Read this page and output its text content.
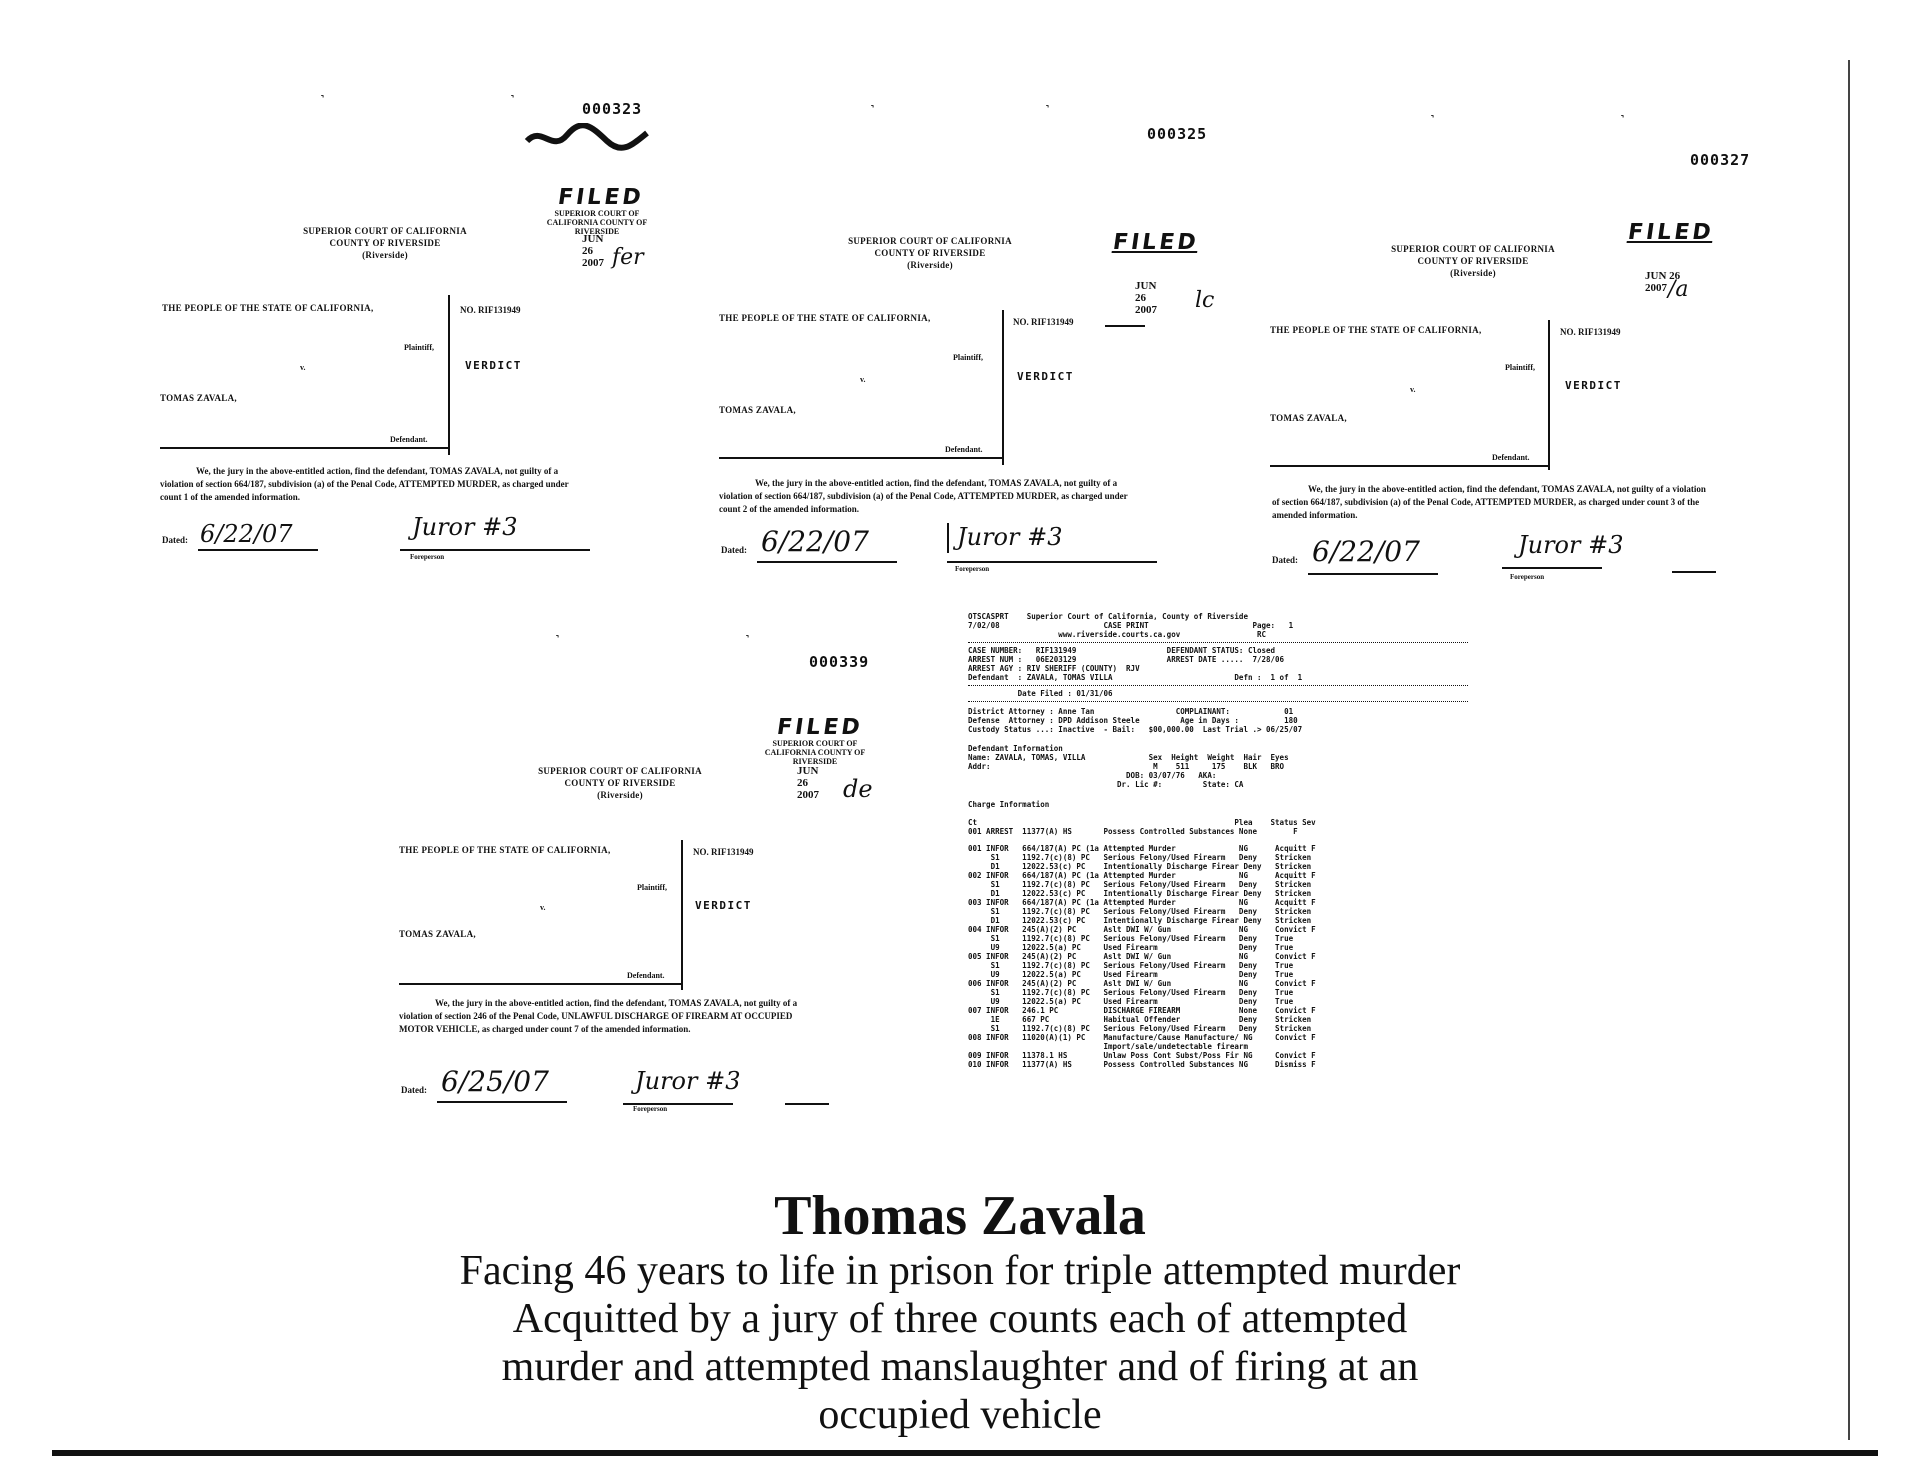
˺	˺	000323
FILED
SUPERIOR COURT OF CALIFORNIA COUNTY OF RIVERSIDE
JUN 26 2007 fer
SUPERIOR COURT OF CALIFORNIA
COUNTY OF RIVERSIDE
(Riverside)
THE PEOPLE OF THE STATE OF CALIFORNIA,	NO. RIF131949
Plaintiff,
v.	VERDICT
TOMAS ZAVALA,
Defendant.
We, the jury in the above-entitled action, find the defendant, TOMAS ZAVALA, not guilty of a violation of section 664/187, subdivision (a) of the Penal Code, ATTEMPTED MURDER, as charged under count 1 of the amended information.
Dated: 6/22/07	Juror #3
Foreperson
˺	˺
000325
FILED
JUN 26 2007 lc
SUPERIOR COURT OF CALIFORNIA
COUNTY OF RIVERSIDE
(Riverside)
THE PEOPLE OF THE STATE OF CALIFORNIA,	NO. RIF131949
Plaintiff,
v.	VERDICT
TOMAS ZAVALA,
Defendant.
We, the jury in the above-entitled action, find the defendant, TOMAS ZAVALA, not guilty of a violation of section 664/187, subdivision (a) of the Penal Code, ATTEMPTED MURDER, as charged under count 2 of the amended information.
Dated: 6/22/07	Juror #3
Foreperson
˺	˺
000327
FILED
JUN 26 2007 /a
SUPERIOR COURT OF CALIFORNIA
COUNTY OF RIVERSIDE
(Riverside)
THE PEOPLE OF THE STATE OF CALIFORNIA,	NO. RIF131949
Plaintiff,
v.	VERDICT
TOMAS ZAVALA,
Defendant.
We, the jury in the above-entitled action, find the defendant, TOMAS ZAVALA, not guilty of a violation of section 664/187, subdivision (a) of the Penal Code, ATTEMPTED MURDER, as charged under count 3 of the amended information.
Dated: 6/22/07	Juror #3
Foreperson
˺	˺
000339
FILED
SUPERIOR COURT OF CALIFORNIA COUNTY OF RIVERSIDE
JUN 26 2007 de
SUPERIOR COURT OF CALIFORNIA
COUNTY OF RIVERSIDE
(Riverside)
THE PEOPLE OF THE STATE OF CALIFORNIA,	NO. RIF131949
Plaintiff,
v.	VERDICT
TOMAS ZAVALA,
Defendant.
We, the jury in the above-entitled action, find the defendant, TOMAS ZAVALA, not guilty of a violation of section 246 of the Penal Code, UNLAWFUL DISCHARGE OF FIREARM AT OCCUPIED MOTOR VEHICLE, as charged under count 7 of the amended information.
Dated: 6/25/07	Juror #3
Foreperson
OTSCASPRT    Superior Court of California, County of Riverside
7/02/08                       CASE PRINT                       Page:   1
www.riverside.courts.ca.gov                 RC
CASE NUMBER:   RIF131949                    DEFENDANT STATUS: Closed
ARREST NUM :   06E203129                    ARREST DATE .....  7/28/06
ARREST AGY : RIV SHERIFF (COUNTY)  RJV
Defendant  : ZAVALA, TOMAS VILLA                           Defn :  1 of  1
Date Filed : 01/31/06
District Attorney : Anne Tan                  COMPLAINANT:            01
Defense  Attorney : DPD Addison Steele         Age in Days :          180
Custody Status ...: Inactive  - Bail:   $00,000.00  Last Trial .> 06/25/07
Defendant Information
Name: ZAVALA, TOMAS, VILLA              Sex  Height  Weight  Hair  Eyes
Addr:                                    M    511     175    BLK   BRO
DOB: 03/07/76   AKA:
Dr. Lic #:         State: CA
Charge Information
Ct                                                         Plea    Status Sev
001 ARREST  11377(A) HS       Possess Controlled Substances None        F
001 INFOR   664/187(A) PC (1a Attempted Murder              NG      Acquitt F
S1     1192.7(c)(8) PC   Serious Felony/Used Firearm   Deny    Stricken
D1     12022.53(c) PC    Intentionally Discharge Firear Deny   Stricken
002 INFOR   664/187(A) PC (1a Attempted Murder              NG      Acquitt F
S1     1192.7(c)(8) PC   Serious Felony/Used Firearm   Deny    Stricken
D1     12022.53(c) PC    Intentionally Discharge Firear Deny   Stricken
003 INFOR   664/187(A) PC (1a Attempted Murder              NG      Acquitt F
S1     1192.7(c)(8) PC   Serious Felony/Used Firearm   Deny    Stricken
D1     12022.53(c) PC    Intentionally Discharge Firear Deny   Stricken
004 INFOR   245(A)(2) PC      Aslt DWI W/ Gun               NG      Convict F
S1     1192.7(c)(8) PC   Serious Felony/Used Firearm   Deny    True
U9     12022.5(a) PC     Used Firearm                  Deny    True
005 INFOR   245(A)(2) PC      Aslt DWI W/ Gun               NG      Convict F
S1     1192.7(c)(8) PC   Serious Felony/Used Firearm   Deny    True
U9     12022.5(a) PC     Used Firearm                  Deny    True
006 INFOR   245(A)(2) PC      Aslt DWI W/ Gun               NG      Convict F
S1     1192.7(c)(8) PC   Serious Felony/Used Firearm   Deny    True
U9     12022.5(a) PC     Used Firearm                  Deny    True
007 INFOR   246.1 PC          DISCHARGE FIREARM             None    Convict F
1E     667 PC            Habitual Offender             Deny    Stricken
S1     1192.7(c)(8) PC   Serious Felony/Used Firearm   Deny    Stricken
008 INFOR   11020(A)(1) PC    Manufacture/Cause Manufacture/ NG     Convict F
Import/sale/undetectable firearm
009 INFOR   11378.1 HS        Unlaw Poss Cont Subst/Poss Fir NG     Convict F
010 INFOR   11377(A) HS       Possess Controlled Substances NG      Dismiss F
Thomas Zavala
Facing 46 years to life in prison for triple attempted murder
Acquitted by a jury of three counts each of attempted
murder and attempted manslaughter and of firing at an
occupied vehicle
